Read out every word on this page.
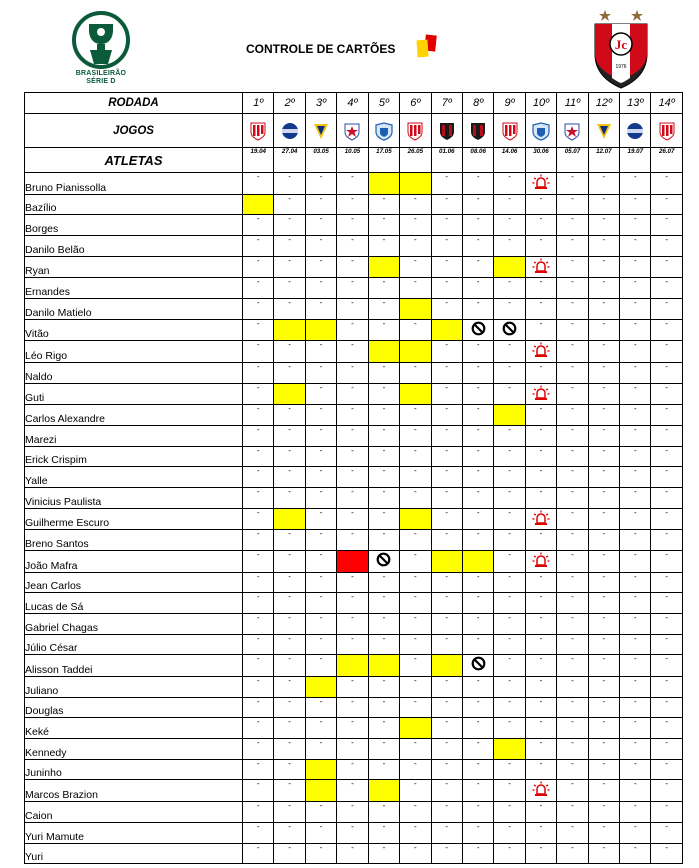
BRASILEIRÃO
SÉRIE D
CONTROLE DE CARTÕES	Jc
1976
RODADA	1º	2º	3º	4º	5º	6º	7º	8º	9º	10º	11º	12º	13º	14º
JOGOS	

ATLETAS	19.04	27.04	03.05	10.05	17.05	26.05	01.06	08.06	14.06	30.06	05.07	12.07	19.07	26.07
Bruno Pianissolla	-	-	-	-			-	-	-		-	-	-	-
Bazílio		-	-	-	-	-	-	-	-	-	-	-	-	-
Borges	-	-	-	-	-	-	-	-	-	-	-	-	-	-
Danilo Belão	-	-	-	-	-	-	-	-	-	-	-	-	-	-
Ryan	-	-	-	-		-	-	-			-	-	-	-
Ernandes	-	-	-	-	-	-	-	-	-	-	-	-	-	-
Danilo Matielo	-	-	-	-	-		-	-	-	-	-	-	-	-
Vitão	-			-	-	-				-	-	-	-	-
Léo Rigo	-	-	-	-			-	-	-		-	-	-	-
Naldo	-	-	-	-	-	-	-	-	-	-	-	-	-	-
Guti	-		-	-	-		-	-	-		-	-	-	-
Carlos Alexandre	-	-	-	-	-	-	-	-		-	-	-	-	-
Marezi	-	-	-	-	-	-	-	-	-	-	-	-	-	-
Erick Crispim	-	-	-	-	-	-	-	-	-	-	-	-	-	-
Yalle	-	-	-	-	-	-	-	-	-	-	-	-	-	-
Vinicius Paulista	-	-	-	-	-	-	-	-	-	-	-	-	-	-
Guilherme Escuro	-		-	-	-		-	-	-		-	-	-	-
Breno Santos	-	-	-	-	-	-	-	-	-	-	-	-	-	-
João Mafra	-	-	-			-			-		-	-	-	-
Jean Carlos	-	-	-	-	-	-	-	-	-	-	-	-	-	-
Lucas de Sá	-	-	-	-	-	-	-	-	-	-	-	-	-	-
Gabriel Chagas	-	-	-	-	-	-	-	-	-	-	-	-	-	-
Júlio César	-	-	-	-	-	-	-	-	-	-	-	-	-	-
Alisson Taddei	-	-	-			-			-	-	-	-	-	-
Juliano	-	-		-	-	-	-	-	-	-	-	-	-	-
Douglas	-	-	-	-	-	-	-	-	-	-	-	-	-	-
Keké	-	-	-	-	-		-	-	-	-	-	-	-	-
Kennedy	-	-	-	-	-	-	-	-		-	-	-	-	-
Juninho	-	-		-	-	-	-	-	-	-	-	-	-	-
Marcos Brazion	-	-		-		-	-	-	-		-	-	-	-
Caion	-	-	-	-	-	-	-	-	-	-	-	-	-	-
Yuri Mamute	-	-	-	-	-	-	-	-	-	-	-	-	-	-
Yuri	-	-	-	-	-	-	-	-	-	-	-	-	-	-
